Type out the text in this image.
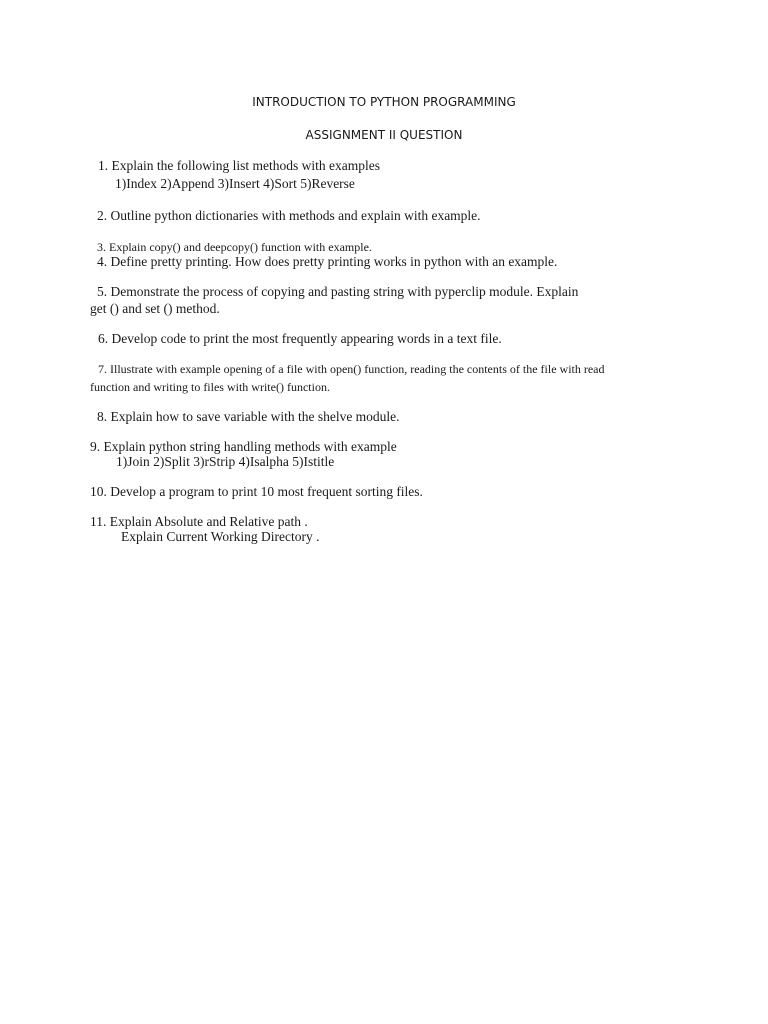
INTRODUCTION TO PYTHON PROGRAMMING
ASSIGNMENT II QUESTION
1. Explain the following list methods with examples
1)Index 2)Append 3)Insert 4)Sort 5)Reverse
2. Outline python dictionaries with methods and explain with example.
3. Explain copy() and deepcopy() function with example.
4. Define pretty printing. How does pretty printing works in python with an example.
5. Demonstrate the process of copying and pasting string with pyperclip module. Explain
get () and set () method.
6. Develop code to print the most frequently appearing words in a text file.
7. Illustrate with example opening of a file with open() function, reading the contents of the file with read
function and writing to files with write() function.
8. Explain how to save variable with the shelve module.
9. Explain python string handling methods with example
1)Join 2)Split 3)rStrip 4)Isalpha 5)Istitle
10. Develop a program to print 10 most frequent sorting files.
11. Explain Absolute and Relative path .
Explain Current Working Directory .
